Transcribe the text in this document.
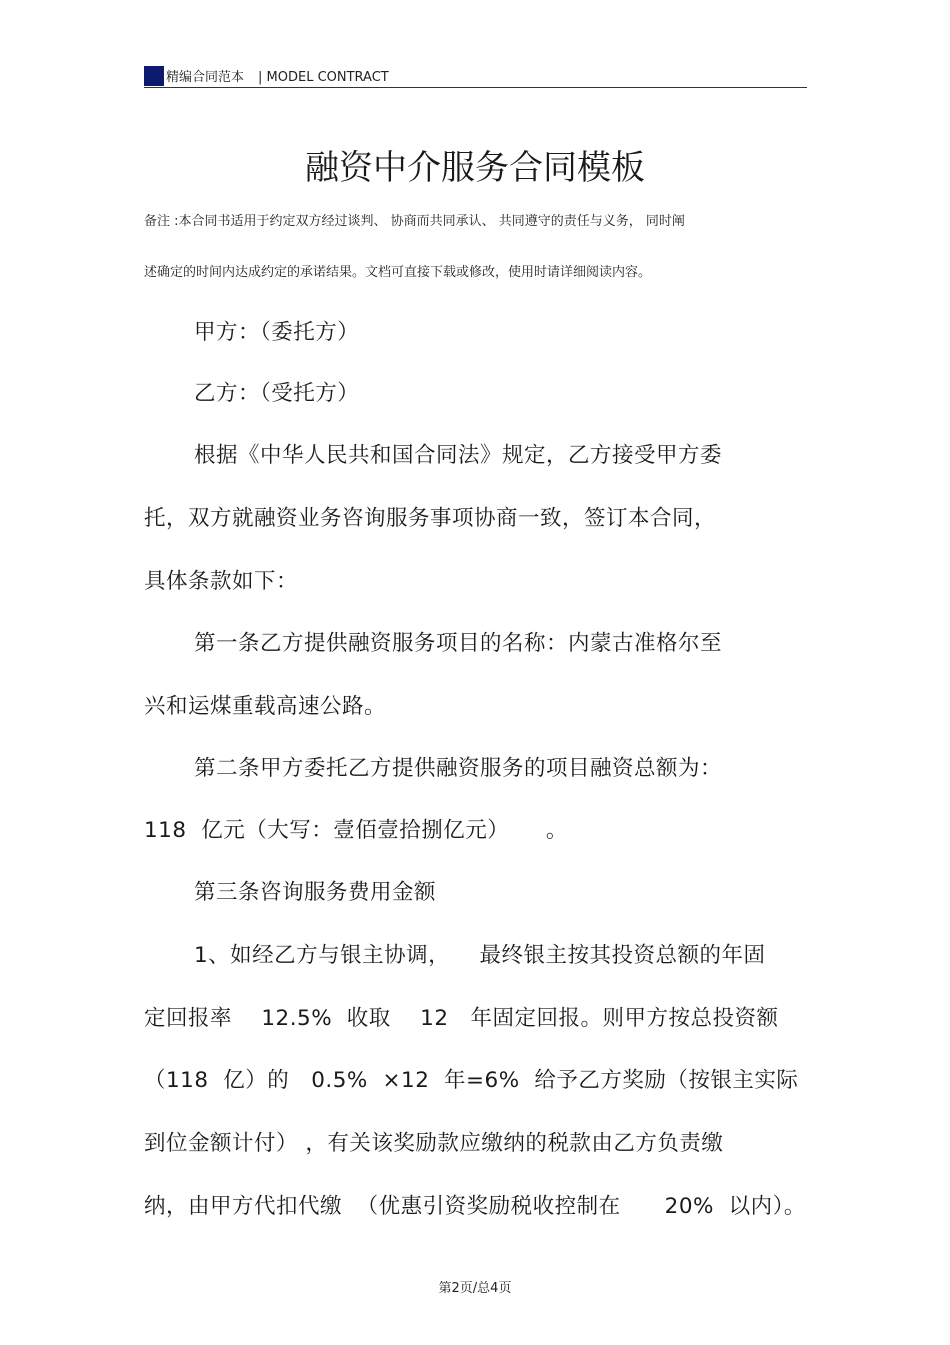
精编合同范本 | MODEL CONTRACT
融资中介服务合同模板
备注 :本合同书适用于约定双方经过谈判、 协商而共同承认、 共同遵守的责任与义务， 同时阐
述确定的时间内达成约定的承诺结果。文档可直接下载或修改，使用时请详细阅读内容。
甲方：（委托方）
乙方：（受托方）
根据《中华人民共和国合同法》规定，乙方接受甲方委
托，双方就融资业务咨询服务事项协商一致，签订本合同，
具体条款如下：
第一条乙方提供融资服务项目的名称：内蒙古准格尔至
兴和运煤重载高速公路。
第二条甲方委托乙方提供融资服务的项目融资总额为：
118  亿元（大写：壹佰壹拾捌亿元）     。
第三条咨询服务费用金额
1、如经乙方与银主协调，    最终银主按其投资总额的年固
定回报率    12.5%  收取    12   年固定回报。则甲方按总投资额
（118  亿）的   0.5%  ×12  年=6%  给予乙方奖励（按银主实际
到位金额计付） ，有关该奖励款应缴纳的税款由乙方负责缴
纳，由甲方代扣代缴  （优惠引资奖励税收控制在      20%  以内）。
第2页/总4页
